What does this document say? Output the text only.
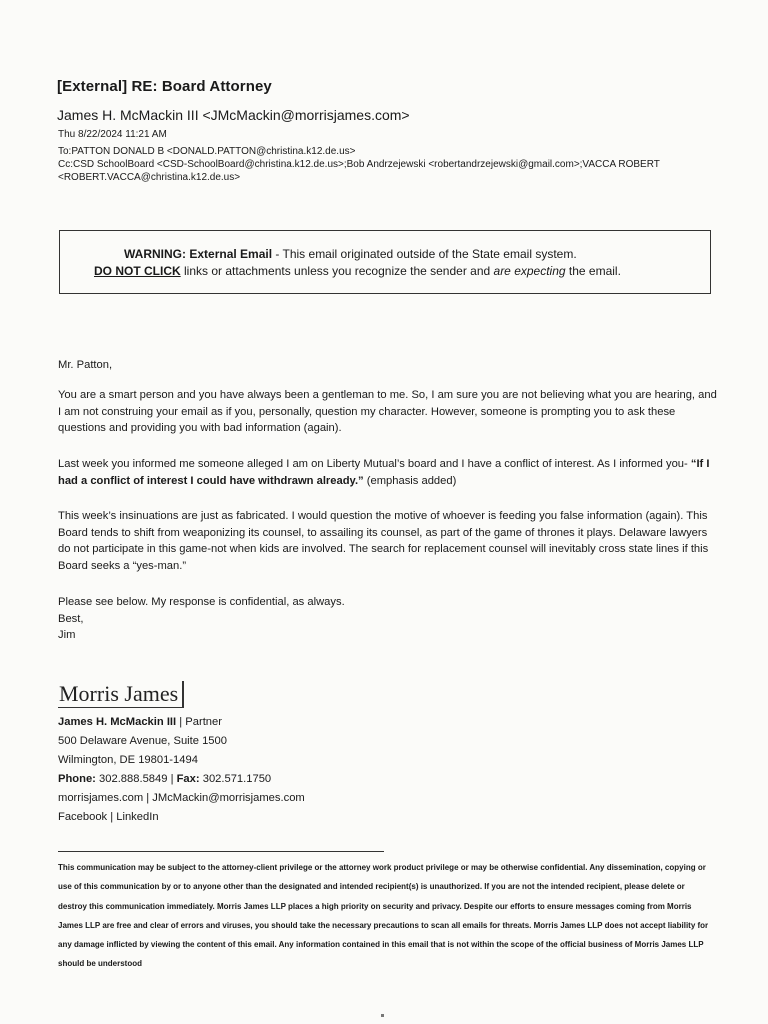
[External] RE: Board Attorney
James H. McMackin III <JMcMackin@morrisjames.com>
Thu 8/22/2024 11:21 AM
To:PATTON DONALD B <DONALD.PATTON@christina.k12.de.us>
Cc:CSD SchoolBoard <CSD-SchoolBoard@christina.k12.de.us>;Bob Andrzejewski <robertandrzejewski@gmail.com>;VACCA ROBERT <ROBERT.VACCA@christina.k12.de.us>
WARNING: External Email - This email originated outside of the State email system.
DO NOT CLICK links or attachments unless you recognize the sender and are expecting the email.
Mr. Patton,
You are a smart person and you have always been a gentleman to me. So, I am sure you are not believing what you are hearing, and I am not construing your email as if you, personally, question my character. However, someone is prompting you to ask these questions and providing you with bad information (again).
Last week you informed me someone alleged I am on Liberty Mutual’s board and I have a conflict of interest. As I informed you- “If I had a conflict of interest I could have withdrawn already.” (emphasis added)
This week’s insinuations are just as fabricated. I would question the motive of whoever is feeding you false information (again). This Board tends to shift from weaponizing its counsel, to assailing its counsel, as part of the game of thrones it plays. Delaware lawyers do not participate in this game-not when kids are involved. The search for replacement counsel will inevitably cross state lines if this Board seeks a “yes-man.”
Please see below. My response is confidential, as always.
Best,
Jim
Morris James
James H. McMackin III | Partner
500 Delaware Avenue, Suite 1500
Wilmington, DE 19801-1494
Phone: 302.888.5849 | Fax: 302.571.1750
morrisjames.com | JMcMackin@morrisjames.com
Facebook | LinkedIn
This communication may be subject to the attorney-client privilege or the attorney work product privilege or may be otherwise confidential. Any dissemination, copying or use of this communication by or to anyone other than the designated and intended recipient(s) is unauthorized. If you are not the intended recipient, please delete or destroy this communication immediately. Morris James LLP places a high priority on security and privacy. Despite our efforts to ensure messages coming from Morris James LLP are free and clear of errors and viruses, you should take the necessary precautions to scan all emails for threats. Morris James LLP does not accept liability for any damage inflicted by viewing the content of this email. Any information contained in this email that is not within the scope of the official business of Morris James LLP should be understood
